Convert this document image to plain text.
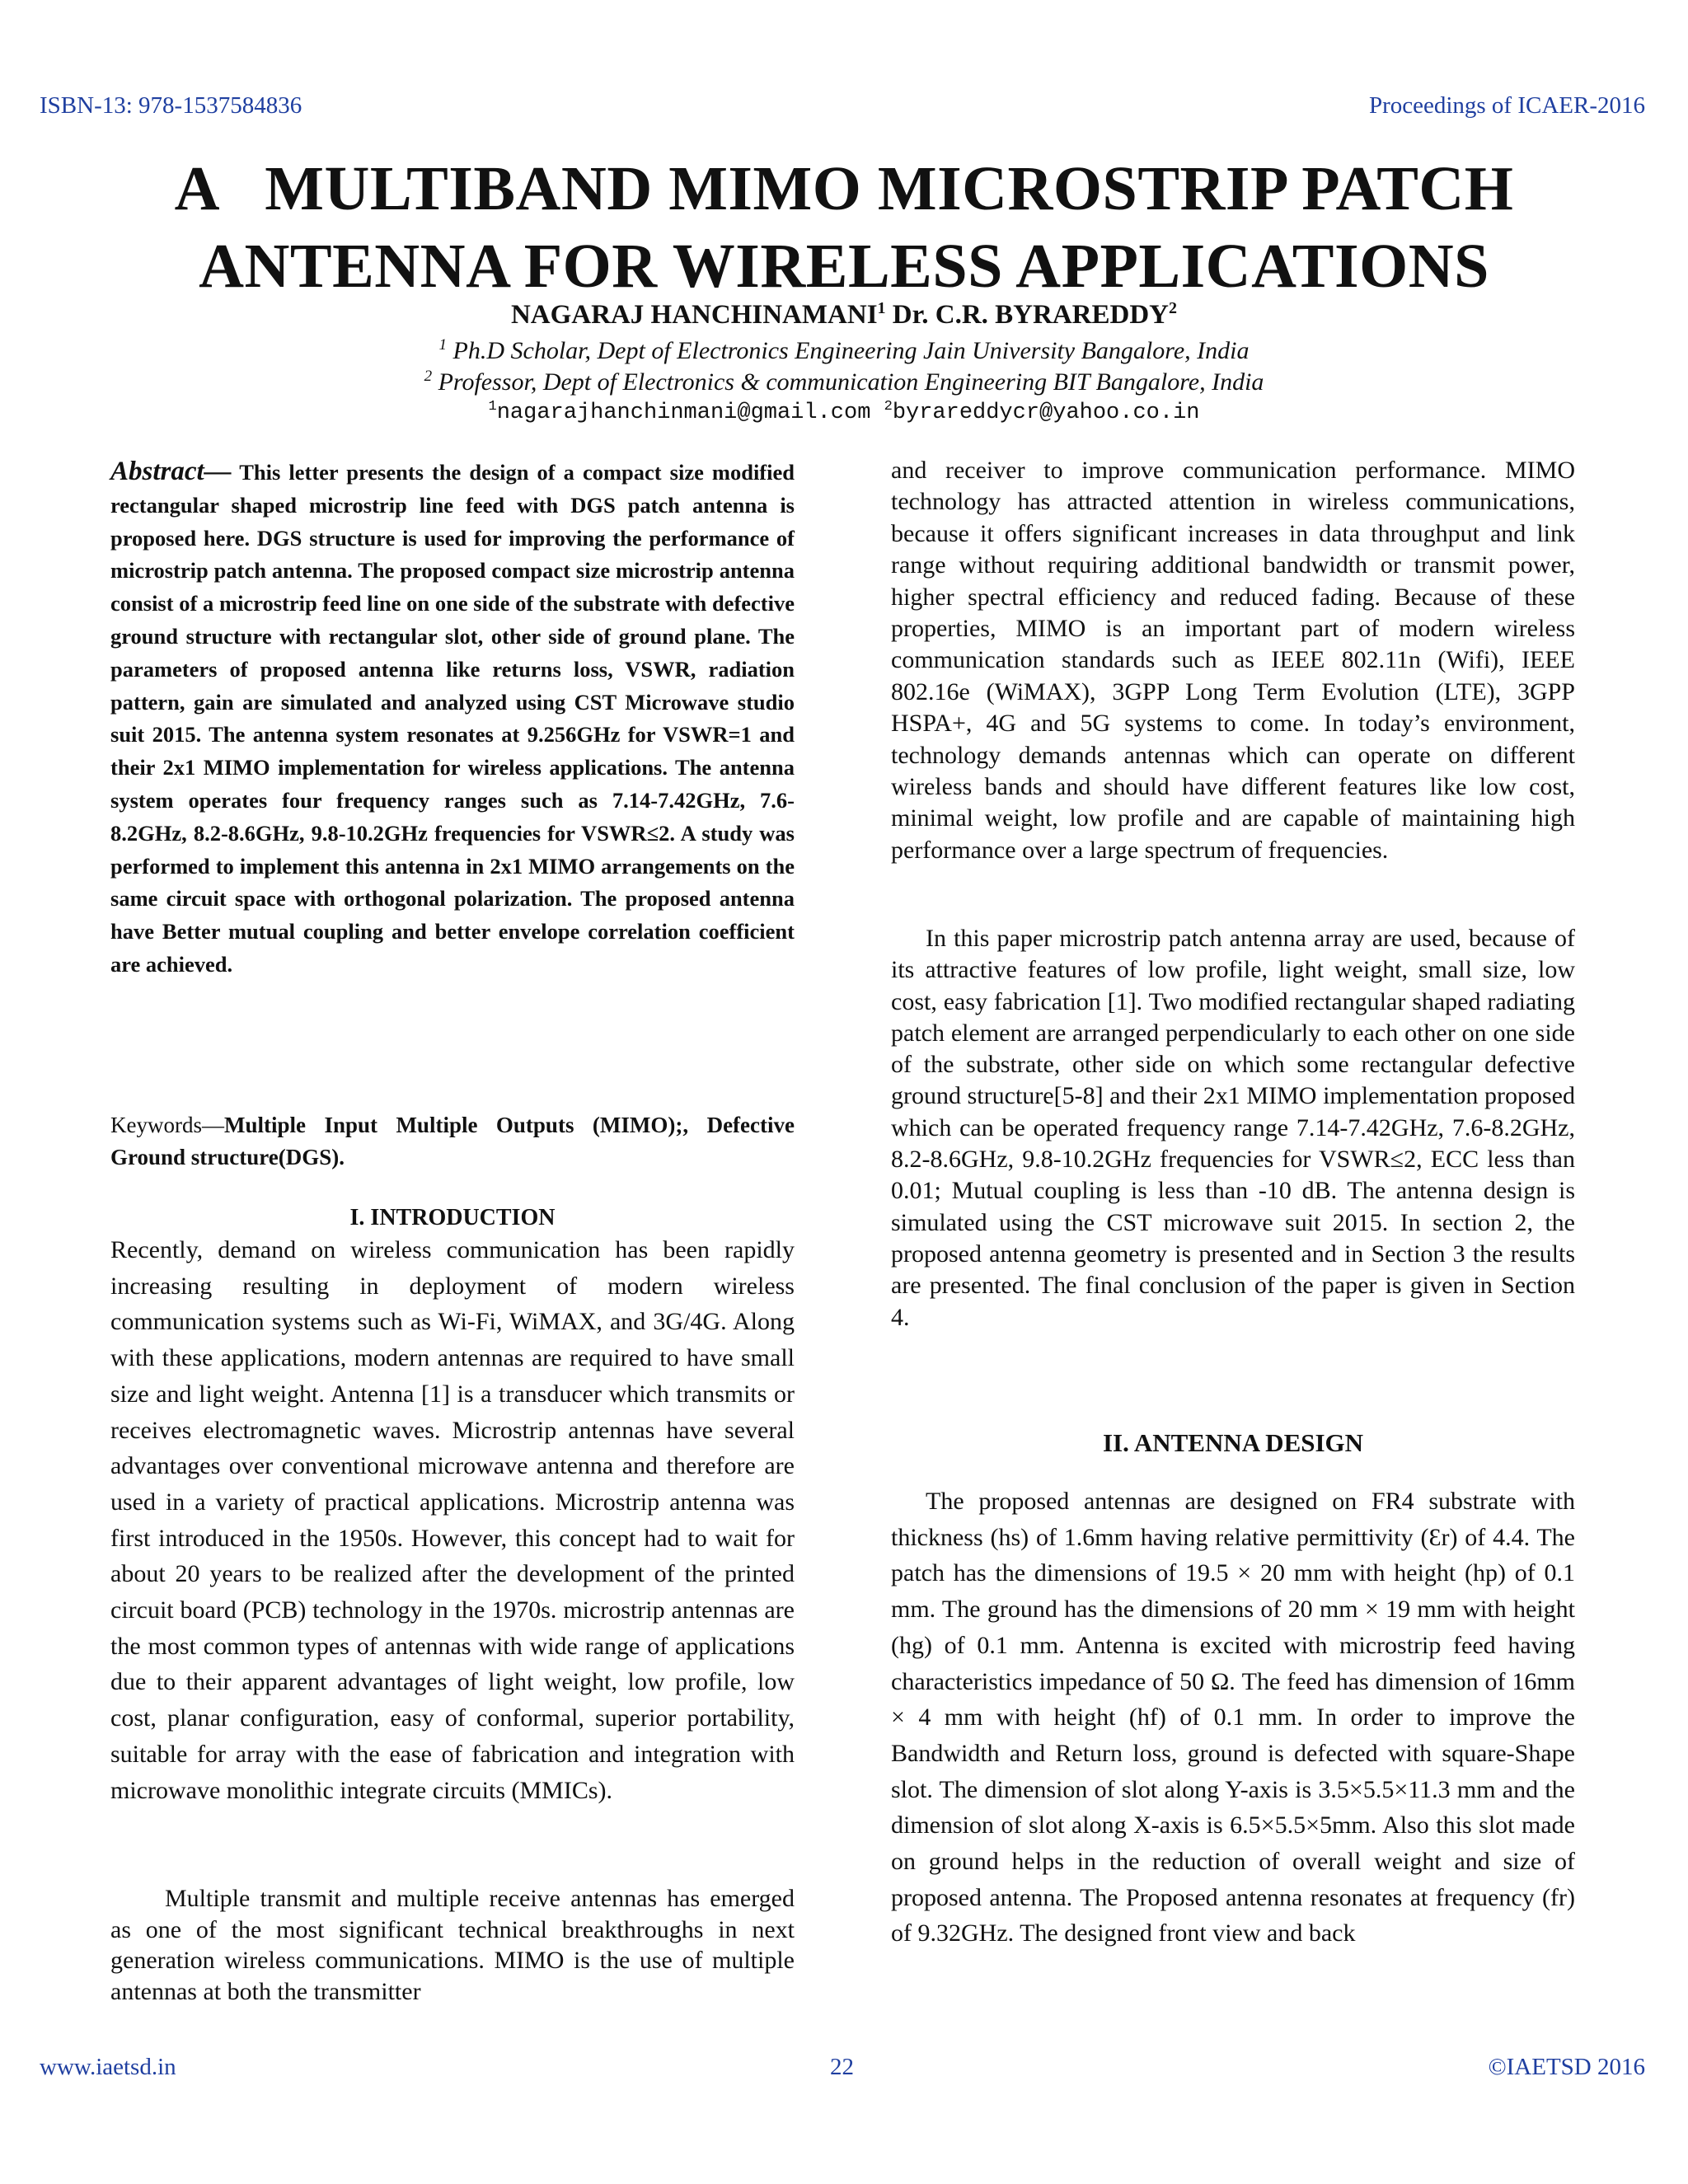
ISBN-13: 978-1537584836	Proceedings of ICAER-2016
A   MULTIBAND MIMO MICROSTRIP PATCH
ANTENNA FOR WIRELESS APPLICATIONS
NAGARAJ HANCHINAMANI$^1$ Dr. C.R. BYRAREDDY$^2$
$^1$ Ph.D Scholar, Dept of Electronics Engineering Jain University Bangalore, India
$^2$ Professor, Dept of Electronics & communication Engineering BIT Bangalore, India
$^1$nagarajhanchinmani@gmail.com $^2$byrareddycr@yahoo.co.in
Abstract— This letter presents the design of a compact size modified rectangular shaped microstrip line feed with DGS patch antenna is proposed here. DGS structure is used for improving the performance of microstrip patch antenna. The proposed compact size microstrip antenna consist of a microstrip feed line on one side of the substrate with defective ground structure with rectangular slot, other side of ground plane. The parameters of proposed antenna like returns loss, VSWR, radiation pattern, gain are simulated and analyzed using CST Microwave studio suit 2015. The antenna system resonates at 9.256GHz for VSWR=1 and their 2x1 MIMO implementation for wireless applications. The antenna system operates four frequency ranges such as 7.14-7.42GHz, 7.6-8.2GHz, 8.2-8.6GHz, 9.8-10.2GHz frequencies for VSWR≤2. A study was performed to implement this antenna in 2x1 MIMO arrangements on the same circuit space with orthogonal polarization. The proposed antenna have Better mutual coupling and better envelope correlation coefficient are achieved.
Keywords—Multiple Input Multiple Outputs (MIMO);, Defective Ground structure(DGS).
I. INTRODUCTION
Recently, demand on wireless communication has been rapidly increasing resulting in deployment of modern wireless communication systems such as Wi-Fi, WiMAX, and 3G/4G. Along with these applications, modern antennas are required to have small size and light weight. Antenna [1] is a transducer which transmits or receives electromagnetic waves. Microstrip antennas have several advantages over conventional microwave antenna and therefore are used in a variety of practical applications. Microstrip antenna was first introduced in the 1950s. However, this concept had to wait for about 20 years to be realized after the development of the printed circuit board (PCB) technology in the 1970s. microstrip antennas are the most common types of antennas with wide range of applications due to their apparent advantages of light weight, low profile, low cost, planar configuration, easy of conformal, superior portability, suitable for array with the ease of fabrication and integration with microwave monolithic integrate circuits (MMICs).
Multiple transmit and multiple receive antennas has emerged as one of the most significant technical breakthroughs in next generation wireless communications. MIMO is the use of multiple antennas at both the transmitter
and receiver to improve communication performance. MIMO technology has attracted attention in wireless communications, because it offers significant increases in data throughput and link range without requiring additional bandwidth or transmit power, higher spectral efficiency and reduced fading. Because of these properties, MIMO is an important part of modern wireless communication standards such as IEEE 802.11n (Wifi), IEEE 802.16e (WiMAX), 3GPP Long Term Evolution (LTE), 3GPP HSPA+, 4G and 5G systems to come. In today’s environment, technology demands antennas which can operate on different wireless bands and should have different features like low cost, minimal weight, low profile and are capable of maintaining high performance over a large spectrum of frequencies.
In this paper microstrip patch antenna array are used, because of its attractive features of low profile, light weight, small size, low cost, easy fabrication [1]. Two modified rectangular shaped radiating patch element are arranged perpendicularly to each other on one side of the substrate, other side on which some rectangular defective ground structure[5-8] and their 2x1 MIMO implementation proposed which can be operated frequency range 7.14-7.42GHz, 7.6-8.2GHz, 8.2-8.6GHz, 9.8-10.2GHz frequencies for VSWR≤2, ECC less than 0.01; Mutual coupling is less than -10 dB. The antenna design is simulated using the CST microwave suit 2015. In section 2, the proposed antenna geometry is presented and in Section 3 the results are presented. The final conclusion of the paper is given in Section 4.
II. ANTENNA DESIGN
The proposed antennas are designed on FR4 substrate with thickness (hs) of 1.6mm having relative permittivity (Ɛr) of 4.4. The patch has the dimensions of 19.5 × 20 mm with height (hp) of 0.1 mm. The ground has the dimensions of 20 mm × 19 mm with height (hg) of 0.1 mm. Antenna is excited with microstrip feed having characteristics impedance of 50 Ω. The feed has dimension of 16mm × 4 mm with height (hf) of 0.1 mm. In order to improve the Bandwidth and Return loss, ground is defected with square-Shape slot. The dimension of slot along Y-axis is 3.5×5.5×11.3 mm and the dimension of slot along X-axis is 6.5×5.5×5mm. Also this slot made on ground helps in the reduction of overall weight and size of proposed antenna. The Proposed antenna resonates at frequency (fr) of 9.32GHz. The designed front view and back
www.iaetsd.in	22	©IAETSD 2016
